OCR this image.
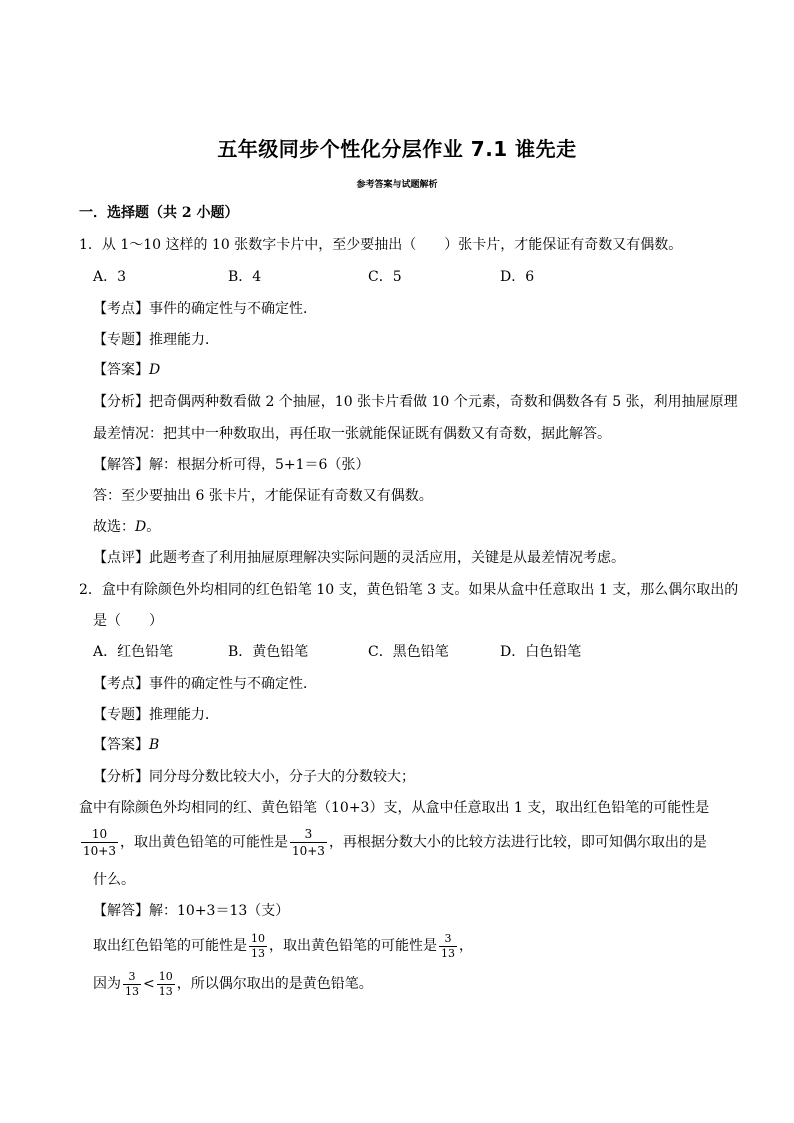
五年级同步个性化分层作业 7.1 谁先走
参考答案与试题解析
一．选择题（共 2 小题）
1．从 1～10 这样的 10 张数字卡片中，至少要抽出（　　）张卡片，才能保证有奇数又有偶数。
A．3	B．4	C．5	D．6
【考点】事件的确定性与不确定性．
【专题】推理能力．
【答案】D
【分析】把奇偶两种数看做 2 个抽屉，10 张卡片看做 10 个元素，奇数和偶数各有 5 张，利用抽屉原理
最差情况：把其中一种数取出，再任取一张就能保证既有偶数又有奇数，据此解答。
【解答】解：根据分析可得，5+1＝6（张）
答：至少要抽出 6 张卡片，才能保证有奇数又有偶数。
故选：D。
【点评】此题考查了利用抽屉原理解决实际问题的灵活应用，关键是从最差情况考虑。
2．盒中有除颜色外均相同的红色铅笔 10 支，黄色铅笔 3 支。如果从盒中任意取出 1 支，那么偶尔取出的
是（　　）
A．红色铅笔	B．黄色铅笔	C．黑色铅笔	D．白色铅笔
【考点】事件的确定性与不确定性．
【专题】推理能力．
【答案】B
【分析】同分母分数比较大小，分子大的分数较大；
盒中有除颜色外均相同的红、黄色铅笔（10+3）支，从盒中任意取出 1 支，取出红色铅笔的可能性是
$\frac{10}{10+3}$ ，取出黄色铅笔的可能性是 $\frac{3}{10+3}$ ，再根据分数大小的比较方法进行比较，即可知偶尔取出的是
什么。
【解答】解：10+3＝13（支）
取出红色铅笔的可能性是 $\frac{10}{13}$ ，取出黄色铅笔的可能性是 $\frac{3}{13}$ ，
因为 $\frac{3}{13} < \frac{10}{13}$ ，所以偶尔取出的是黄色铅笔。
